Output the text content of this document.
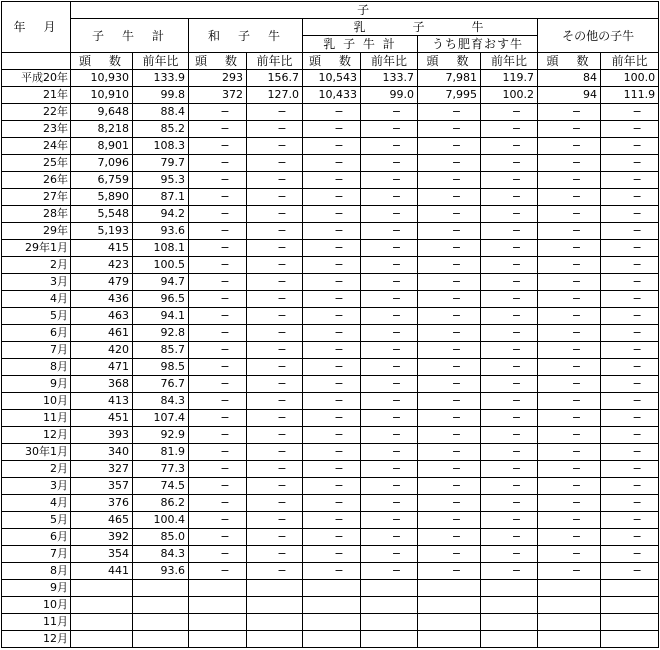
年　月	子									
	子　牛　計		和　子　牛		乳 子 牛				その他の子牛	
					乳 子 牛 計		うち肥育おす牛			
	頭　数	前年比	頭　数	前年比	頭　数	前年比	頭　数	前年比	頭　数	前年比
平成20年	10,930	133.9	293	156.7	10,543	133.7	7,981	119.7	84	100.0
21年	10,910	99.8	372	127.0	10,433	99.0	7,995	100.2	94	111.9
22年	9,648	88.4	−	−	−	−	−	−	−	−
23年	8,218	85.2	−	−	−	−	−	−	−	−
24年	8,901	108.3	−	−	−	−	−	−	−	−
25年	7,096	79.7	−	−	−	−	−	−	−	−
26年	6,759	95.3	−	−	−	−	−	−	−	−
27年	5,890	87.1	−	−	−	−	−	−	−	−
28年	5,548	94.2	−	−	−	−	−	−	−	−
29年	5,193	93.6	−	−	−	−	−	−	−	−
29年1月	415	108.1	−	−	−	−	−	−	−	−
2月	423	100.5	−	−	−	−	−	−	−	−
3月	479	94.7	−	−	−	−	−	−	−	−
4月	436	96.5	−	−	−	−	−	−	−	−
5月	463	94.1	−	−	−	−	−	−	−	−
6月	461	92.8	−	−	−	−	−	−	−	−
7月	420	85.7	−	−	−	−	−	−	−	−
8月	471	98.5	−	−	−	−	−	−	−	−
9月	368	76.7	−	−	−	−	−	−	−	−
10月	413	84.3	−	−	−	−	−	−	−	−
11月	451	107.4	−	−	−	−	−	−	−	−
12月	393	92.9	−	−	−	−	−	−	−	−
30年1月	340	81.9	−	−	−	−	−	−	−	−
2月	327	77.3	−	−	−	−	−	−	−	−
3月	357	74.5	−	−	−	−	−	−	−	−
4月	376	86.2	−	−	−	−	−	−	−	−
5月	465	100.4	−	−	−	−	−	−	−	−
6月	392	85.0	−	−	−	−	−	−	−	−
7月	354	84.3	−	−	−	−	−	−	−	−
8月	441	93.6	−	−	−	−	−	−	−	−
9月										
10月										
11月										
12月										
